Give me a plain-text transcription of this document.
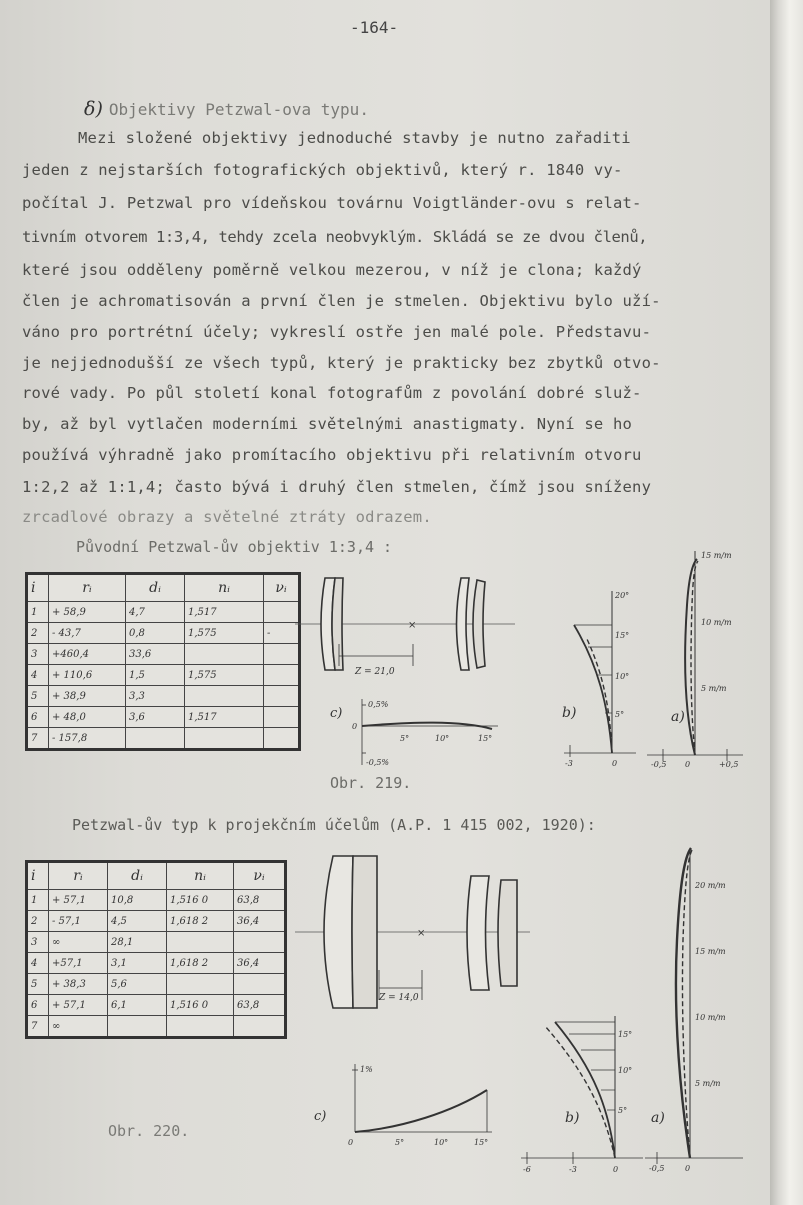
-164-
δ) Objektivy Petzwal-ova typu.
Mezi složené objektivy jednoduché stavby je nutno zařaditi
jeden z nejstarších fotografických objektivů, který r. 1840 vy-
počítal J. Petzwal pro vídeňskou továrnu Voigtländer-ovu s relat-
tivním otvorem 1:3,4, tehdy zcela neobvyklým. Skládá se ze dvou členů,
které jsou odděleny poměrně velkou mezerou, v níž je clona; každý
člen je achromatisován a první člen je stmelen. Objektivu bylo uží-
váno pro portrétní účely; vykreslí ostře jen malé pole. Představu-
je nejjednodušší ze všech typů, který je prakticky bez zbytků otvo-
rové vady. Po půl století konal fotografům z povolání dobré služ-
by, až byl vytlačen moderními světelnými anastigmaty. Nyní se ho
používá výhradně jako promítacího objektivu při relativním otvoru
1:2,2 až 1:1,4; často bývá i druhý člen stmelen, čímž jsou sníženy
zrcadlové obrazy a světelné ztráty odrazem.
Původní Petzwal-ův objektiv 1:3,4 :
i	rᵢ	dᵢ	nᵢ	νᵢ
1	+ 58,9	4,7	1,517	
2	- 43,7	0,8	1,575	-
3	+460,4	33,6		
4	+ 110,6	1,5	1,575	
5	+ 38,9	3,3		
6	+ 48,0	3,6	1,517	
7	- 157,8			
×
Z = 21,0
c)
0,5%
0
5°	10°	15°
-0,5%
b)
20°
15°
10°
5°
-3	0
15 m/m
10 m/m
5 m/m
a)
-0,5 0	+0,5
Obr. 219.
Petzwal-ův typ k projekčním účelům (A.P. 1 415 002, 1920):
i	rᵢ	dᵢ	nᵢ	νᵢ
1	+ 57,1	10,8	1,516 0	63,8
2	- 57,1	4,5	1,618 2	36,4
3	∞	28,1		
4	+57,1	3,1	1,618 2	36,4
5	+ 38,3	5,6		
6	+ 57,1	6,1	1,516 0	63,8
7	∞			
×
Z = 14,0
c)
1%
0	5°	10°	15°
b)
15°
10°
5°
-6	-3	0
20 m/m
15 m/m
10 m/m
5 m/m
a)
-0,5	0
Obr. 220.
